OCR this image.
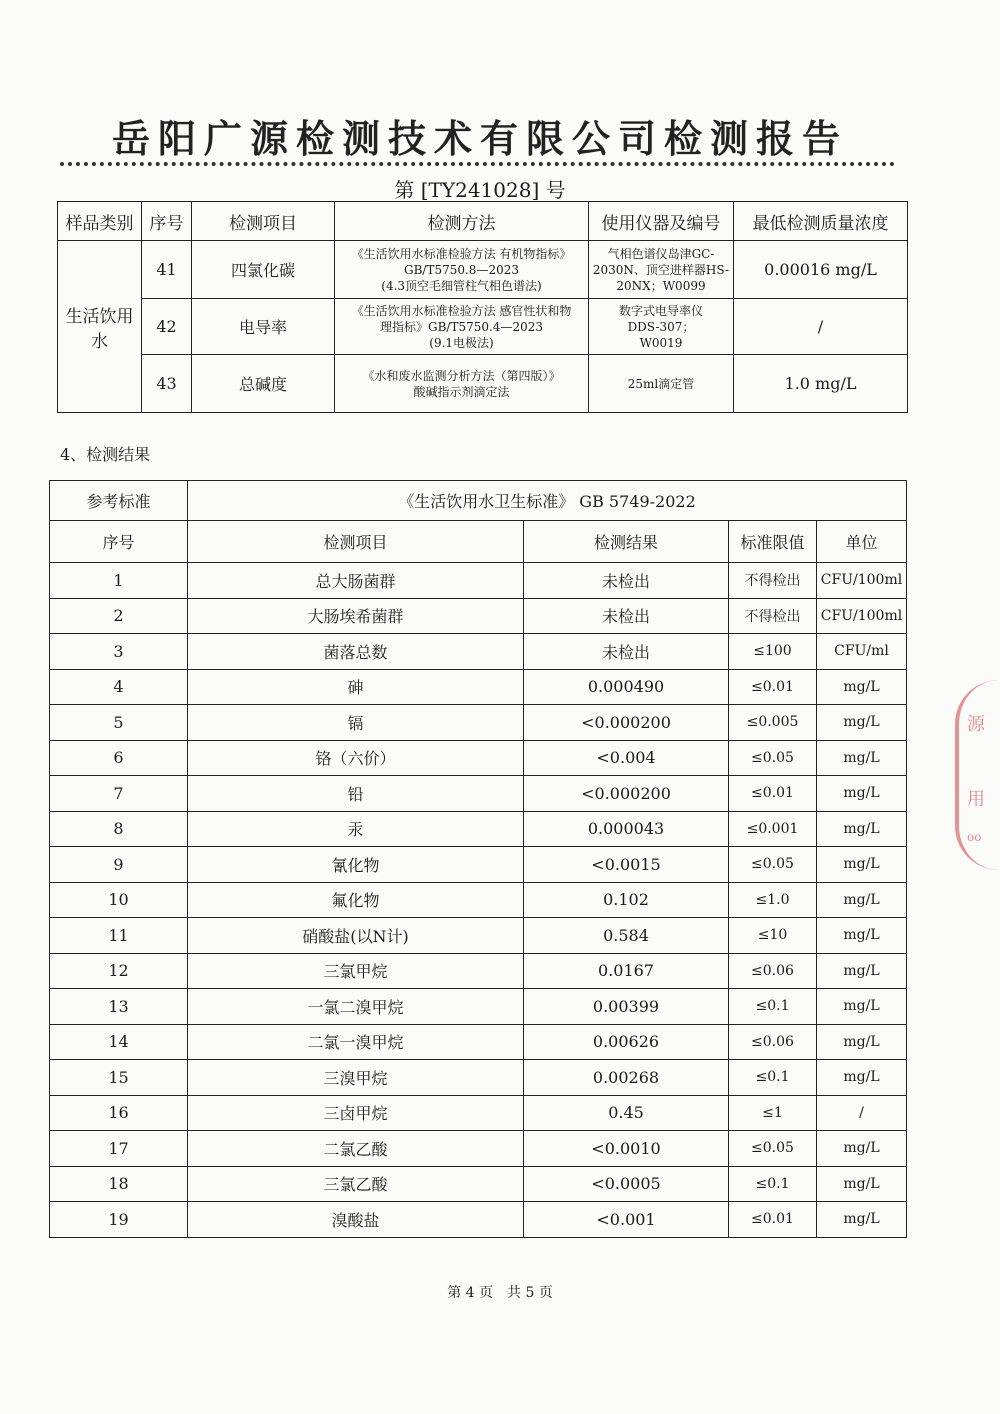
岳阳广源检测技术有限公司检测报告
第 [TY241028] 号
样品类别	序号	检测项目	检测方法	使用仪器及编号	最低检测质量浓度
生活饮用水	41	四氯化碳	《生活饮用水标准检验方法 有机物指标》
GB/T5750.8—2023
(4.3顶空毛细管柱气相色谱法)	气相色谱仪岛津GC-
2030N、顶空进样器HS-
20NX；W0099	0.00016 mg/L
	42	电导率	《生活饮用水标准检验方法 感官性状和物
理指标》GB/T5750.4—2023
(9.1电极法)	数字式电导率仪
DDS-307；
W0019	/
	43	总碱度	《水和废水监测分析方法（第四版）》
酸碱指示剂滴定法	25ml滴定管	1.0 mg/L
4、检测结果
参考标准	《生活饮用水卫生标准》 GB 5749-2022			
序号	检测项目	检测结果	标准限值	单位
1	总大肠菌群	未检出	不得检出	CFU/100ml
2	大肠埃希菌群	未检出	不得检出	CFU/100ml
3	菌落总数	未检出	≤100	CFU/ml
4	砷	0.000490	≤0.01	mg/L
5	镉	<0.000200	≤0.005	mg/L
6	铬（六价）	<0.004	≤0.05	mg/L
7	铅	<0.000200	≤0.01	mg/L
8	汞	0.000043	≤0.001	mg/L
9	氰化物	<0.0015	≤0.05	mg/L
10	氟化物	0.102	≤1.0	mg/L
11	硝酸盐(以N计)	0.584	≤10	mg/L
12	三氯甲烷	0.0167	≤0.06	mg/L
13	一氯二溴甲烷	0.00399	≤0.1	mg/L
14	二氯一溴甲烷	0.00626	≤0.06	mg/L
15	三溴甲烷	0.00268	≤0.1	mg/L
16	三卤甲烷	0.45	≤1	/
17	二氯乙酸	<0.0010	≤0.05	mg/L
18	三氯乙酸	<0.0005	≤0.1	mg/L
19	溴酸盐	<0.001	≤0.01	mg/L
第 4 页　共 5 页
源
用
oo
